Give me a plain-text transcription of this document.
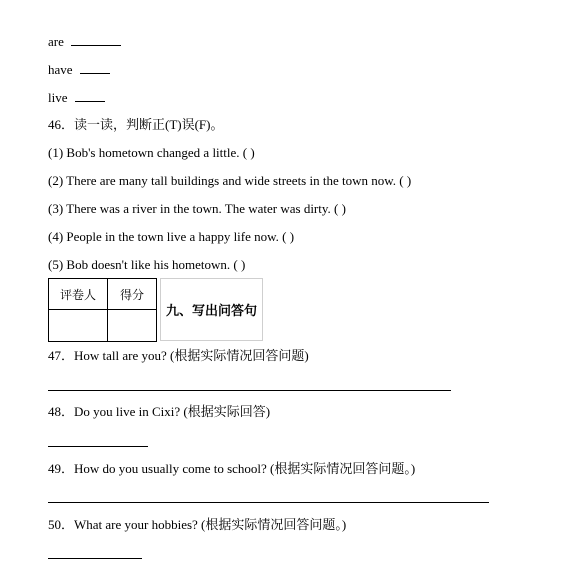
are
have
live
46．读一读，判断正(T)误(F)。
(1) Bob's hometown changed a little. ( )
(2) There are many tall buildings and wide streets in the town now. ( )
(3) There was a river in the town. The water was dirty. ( )
(4) People in the town live a happy life now. ( )
(5) Bob doesn't like his hometown. ( )
评卷人	得分

九、写出问答句
47．How tall are you? (根据实际情况回答问题)
48．Do you live in Cixi? (根据实际回答)
49．How do you usually come to school? (根据实际情况回答问题。)
50．What are your hobbies? (根据实际情况回答问题。)
